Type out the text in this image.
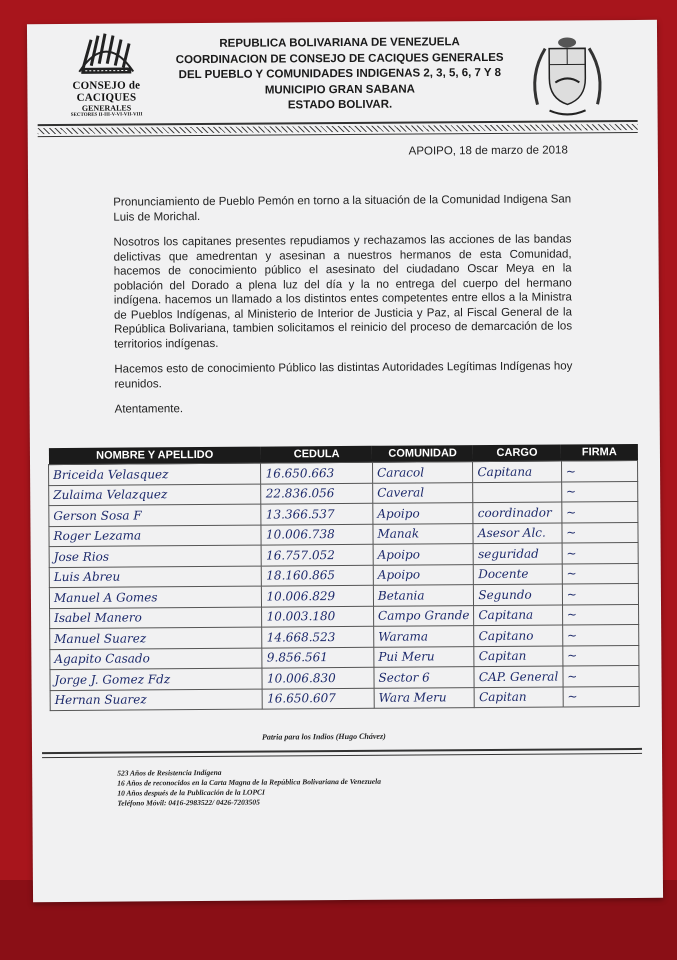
CONSEJO de CACIQUES
GENERALES
SECTORES II-III-V-VI-VII-VIII
REPUBLICA BOLIVARIANA DE VENEZUELA
COORDINACION DE CONSEJO DE CACIQUES GENERALES
DEL PUEBLO Y COMUNIDADES INDIGENAS 2, 3, 5, 6, 7 Y 8
MUNICIPIO GRAN SABANA
ESTADO BOLIVAR.
APOIPO, 18 de marzo de 2018

Pronunciamiento de Pueblo Pemón en torno a la situación de la Comunidad Indigena San Luis de Morichal.

Nosotros los capitanes presentes repudiamos y rechazamos las acciones de las bandas delictivas que amedrentan y asesinan a nuestros hermanos de esta Comunidad, hacemos de conocimiento público el asesinato del ciudadano Oscar Meya en la población del Dorado a plena luz del día y la no entrega del cuerpo del hermano indígena. hacemos un llamado a los distintos entes competentes entre ellos a la Ministra de Pueblos Indígenas, al Ministerio de Interior de Justicia y Paz, al Fiscal General de la República Bolivariana, tambien solicitamos el reinicio del proceso de demarcación de los territorios indígenas.

Hacemos esto de conocimiento Público las distintas Autoridades Legítimas Indígenas hoy reunidos.

Atentamente.

NOMBRE Y APELLIDO	CEDULA	COMUNIDAD	CARGO	FIRMA
Briceida Velasquez	16.650.663	Caracol	Capitana	~
Zulaima Velazquez	22.836.056	Caveral		~
Gerson Sosa F	13.366.537	Apoipo	coordinador	~
Roger Lezama	10.006.738	Manak	Asesor Alc.	~
Jose Rios	16.757.052	Apoipo	seguridad	~
Luis Abreu	18.160.865	Apoipo	Docente	~
Manuel A Gomes	10.006.829	Betania	Segundo	~
Isabel Manero	10.003.180	Campo Grande	Capitana	~
Manuel Suarez	14.668.523	Warama	Capitano	~
Agapito Casado	9.856.561	Pui Meru	Capitan	~
Jorge J. Gomez Fdz	10.006.830	Sector 6	CAP. General	~
Hernan Suarez	16.650.607	Wara Meru	Capitan	~
Patria para los Indios (Hugo Chávez)
523 Años de Resistencia Indígena
16 Años de reconocidos en la Carta Magna de la República Bolivariana de Venezuela
10 Años después de la Publicación de la LOPCI
Teléfono Móvil: 0416-2983522/ 0426-7203505
